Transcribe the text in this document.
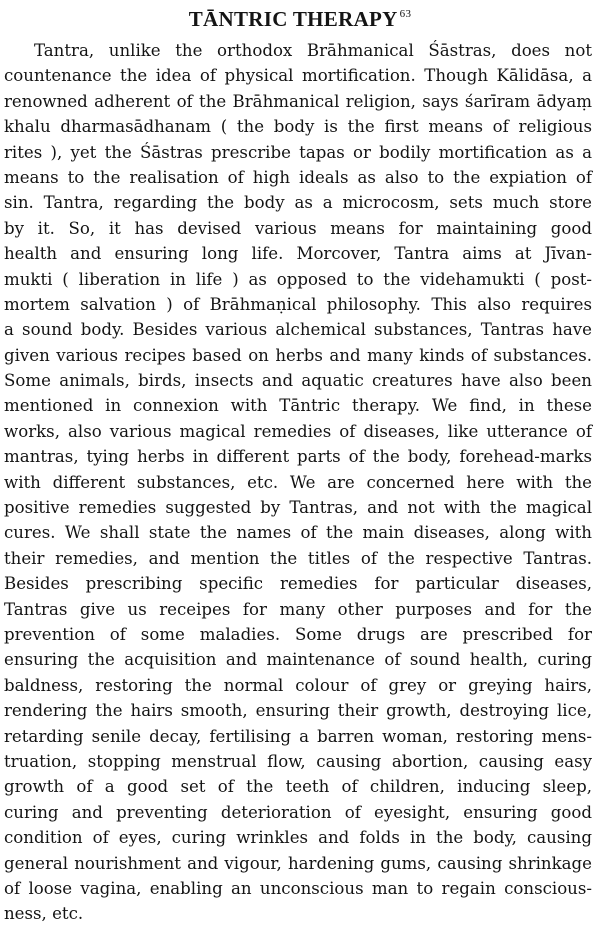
TĀNTRIC THERAPY $^{63}$
Tantra, unlike the orthodox Brāhmanical Śāstras, does not
countenance the idea of physical mortification. Though Kālidāsa, a
renowned adherent of the Brāhmanical religion, says śarīram ādyaṃ
khalu dharmasādhanam ( the body is the first means of religious
rites ), yet the Śāstras prescribe tapas or bodily mortification as a
means to the realisation of high ideals as also to the expiation of
sin. Tantra, regarding the body as a microcosm, sets much store
by it. So, it has devised various means for maintaining good
health and ensuring long life. Morcover, Tantra aims at Jīvan-
mukti ( liberation in life ) as opposed to the videhamukti ( post-
mortem salvation ) of Brāhmaṇical philosophy. This also requires
a sound body. Besides various alchemical substances, Tantras have
given various recipes based on herbs and many kinds of substances.
Some animals, birds, insects and aquatic creatures have also been
mentioned in connexion with Tāntric therapy. We find, in these
works, also various magical remedies of diseases, like utterance of
mantras, tying herbs in different parts of the body, forehead-marks
with different substances, etc. We are concerned here with the
positive remedies suggested by Tantras, and not with the magical
cures. We shall state the names of the main diseases, along with
their remedies, and mention the titles of the respective Tantras.
Besides prescribing specific remedies for particular diseases,
Tantras give us receipes for many other purposes and for the
prevention of some maladies. Some drugs are prescribed for
ensuring the acquisition and maintenance of sound health, curing
baldness, restoring the normal colour of grey or greying hairs,
rendering the hairs smooth, ensuring their growth, destroying lice,
retarding senile decay, fertilising a barren woman, restoring mens-
truation, stopping menstrual flow, causing abortion, causing easy
growth of a good set of the teeth of children, inducing sleep,
curing and preventing deterioration of eyesight, ensuring good
condition of eyes, curing wrinkles and folds in the body, causing
general nourishment and vigour, hardening gums, causing shrinkage
of loose vagina, enabling an unconscious man to regain conscious-
ness, etc.
